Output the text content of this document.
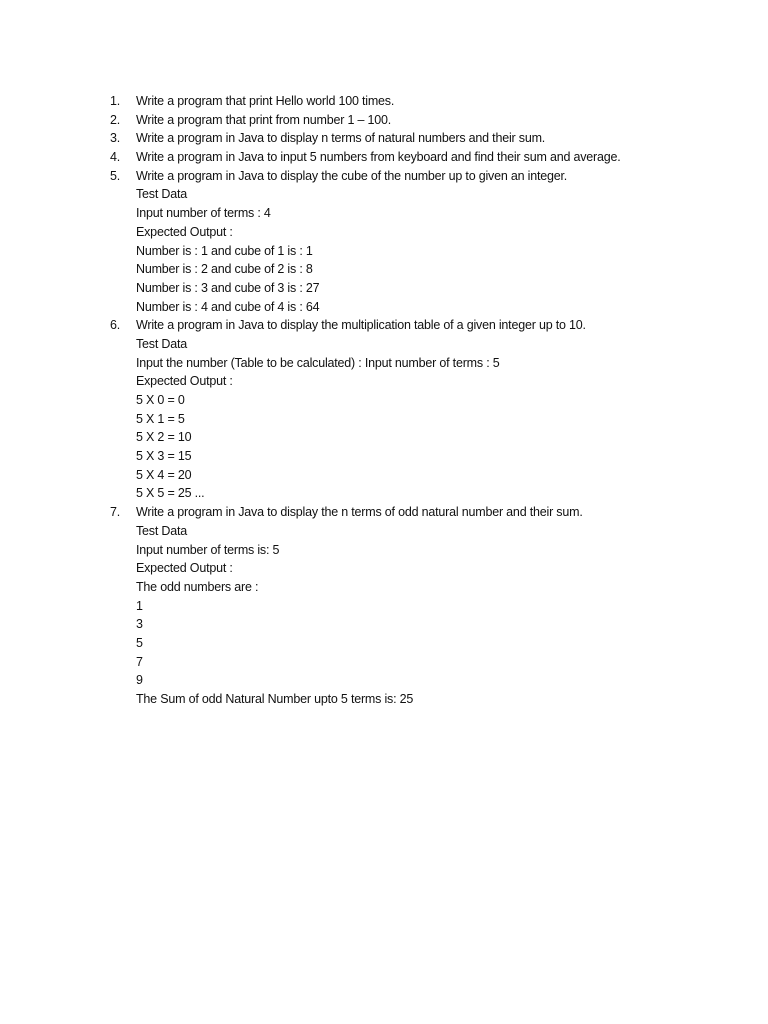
1.	Write a program that print Hello world 100 times.
2.	Write a program that print from number 1 – 100.
3.	Write a program in Java to display n terms of natural numbers and their sum.
4.	Write a program in Java to input 5 numbers from keyboard and find their sum and average.
5.	Write a program in Java to display the cube of the number up to given an integer.
Test Data
Input number of terms : 4
Expected Output :
Number is : 1 and cube of 1 is : 1
Number is : 2 and cube of 2 is : 8
Number is : 3 and cube of 3 is : 27
Number is : 4 and cube of 4 is : 64
6.	Write a program in Java to display the multiplication table of a given integer up to 10.
Test Data
Input the number (Table to be calculated) : Input number of terms : 5
Expected Output :
5 X 0 = 0
5 X 1 = 5
5 X 2 = 10
5 X 3 = 15
5 X 4 = 20
5 X 5 = 25 ...
7.	Write a program in Java to display the n terms of odd natural number and their sum.
Test Data
Input number of terms is: 5
Expected Output :
The odd numbers are :
1
3
5
7
9
The Sum of odd Natural Number upto 5 terms is: 25
